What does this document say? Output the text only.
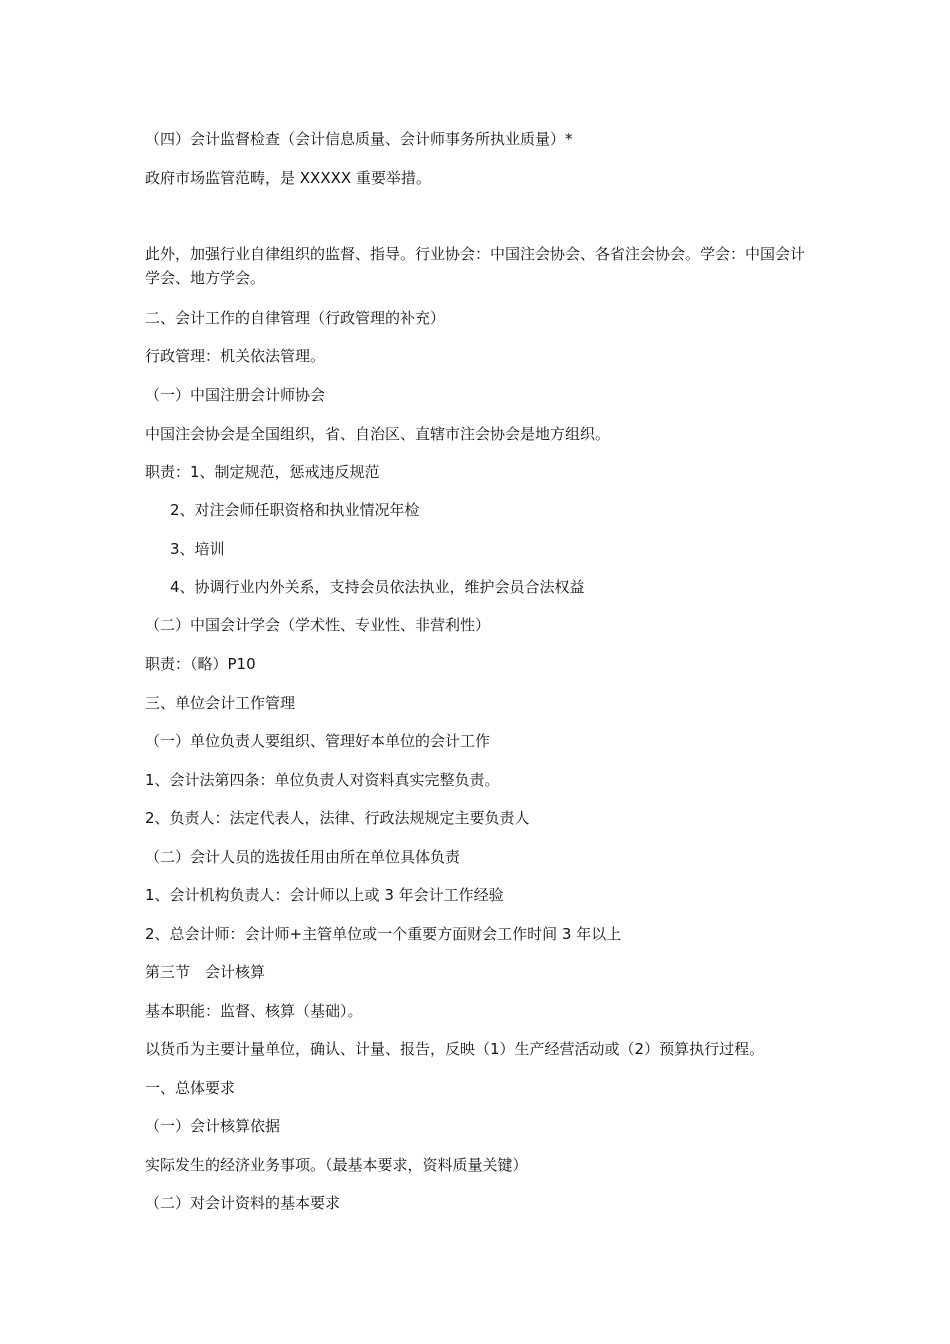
（四）会计监督检查（会计信息质量、会计师事务所执业质量）*
政府市场监管范畴，是 XXXXX 重要举措。
此外，加强行业自律组织的监督、指导。行业协会：中国注会协会、各省注会协会。学会：中国会计学会、地方学会。
二、会计工作的自律管理（行政管理的补充）
行政管理：机关依法管理。
（一）中国注册会计师协会
中国注会协会是全国组织，省、自治区、直辖市注会协会是地方组织。
职责：1、制定规范，惩戒违反规范
2、对注会师任职资格和执业情况年检
3、培训
4、协调行业内外关系，支持会员依法执业，维护会员合法权益
（二）中国会计学会（学术性、专业性、非营利性）
职责：（略）P10
三、单位会计工作管理
（一）单位负责人要组织、管理好本单位的会计工作
1、会计法第四条：单位负责人对资料真实完整负责。
2、负责人：法定代表人，法律、行政法规规定主要负责人
（二）会计人员的选拔任用由所在单位具体负责
1、会计机构负责人：会计师以上或 3 年会计工作经验
2、总会计师：会计师+主管单位或一个重要方面财会工作时间 3 年以上
第三节　会计核算
基本职能：监督、核算（基础）。
以货币为主要计量单位，确认、计量、报告，反映（1）生产经营活动或（2）预算执行过程。
一、总体要求
（一）会计核算依据
实际发生的经济业务事项。（最基本要求，资料质量关键）
（二）对会计资料的基本要求
